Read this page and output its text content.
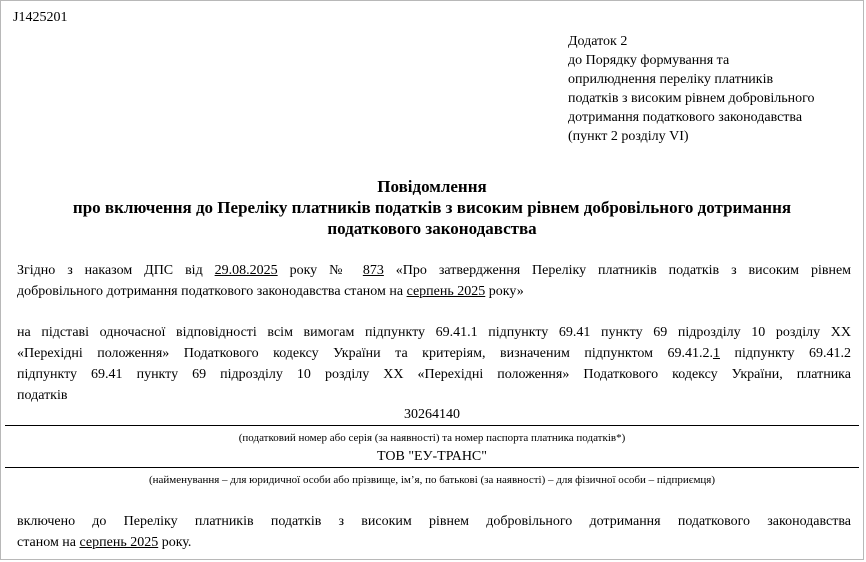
J1425201
Додаток 2
до Порядку формування та
оприлюднення переліку платників
податків з високим рівнем добровільного
дотримання податкового законодавства
(пункт 2 розділу VI)
Повідомлення
про включення до Переліку платників податків з високим рівнем добровільного дотримання
податкового законодавства
Згідно з наказом ДПС від 29.08.2025 року № 873 «Про затвердження Переліку платників податків з високим рівнем
добровільного дотримання податкового законодавства станом на серпень 2025 року»
на підставі одночасної відповідності всім вимогам підпункту 69.41.1 підпункту 69.41 пункту 69 підрозділу 10 розділу XX
«Перехідні положення» Податкового кодексу України та критеріям, визначеним підпунктом 69.41.2.1 підпункту 69.41.2
підпункту 69.41 пункту 69 підрозділу 10 розділу XX «Перехідні положення» Податкового кодексу України, платника
податків
30264140
(податковий номер або серія (за наявності) та номер паспорта платника податків*)
ТОВ "ЕУ-ТРАНС"
(найменування – для юридичної особи або прізвище, ім’я, по батькові (за наявності) – для фізичної особи – підприємця)
включено до Переліку платників податків з високим рівнем добровільного дотримання податкового законодавства
станом на серпень 2025 року.
